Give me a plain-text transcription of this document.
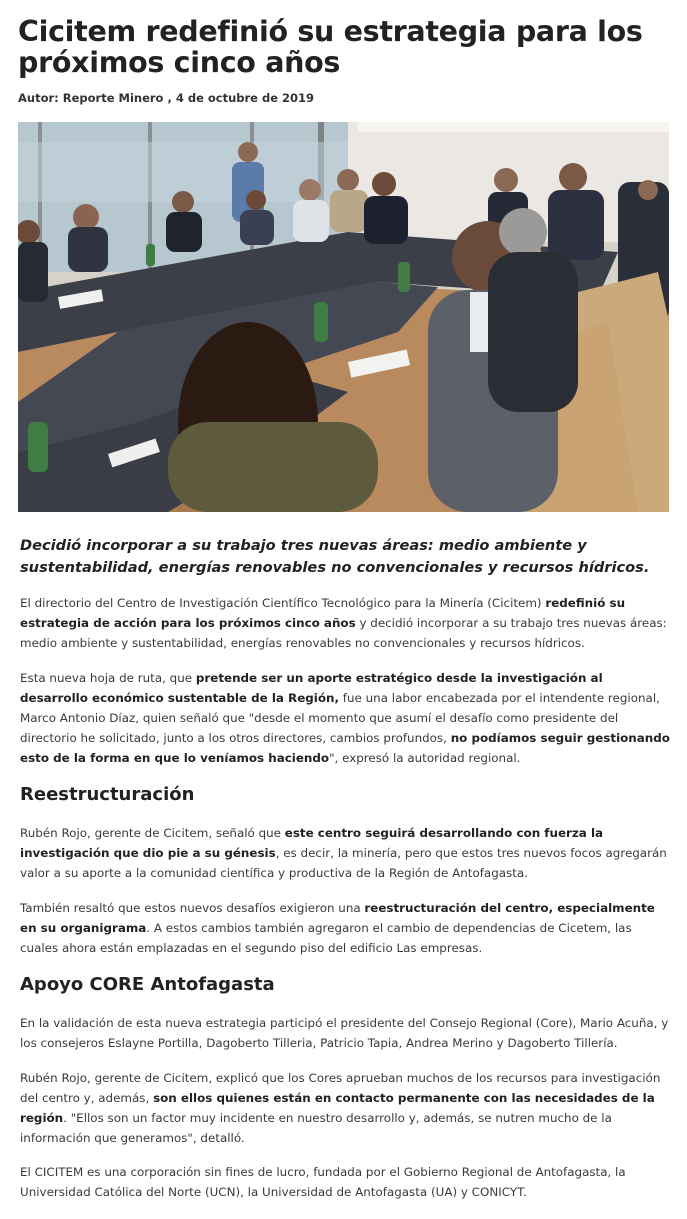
Cicitem redefinió su estrategia para los próximos cinco años
Autor: Reporte Minero , 4 de octubre de 2019

Decidió incorporar a su trabajo tres nuevas áreas: medio ambiente y sustentabilidad, energías renovables no convencionales y recursos hídricos.

El directorio del Centro de Investigación Científico Tecnológico para la Minería (Cicitem) redefinió su estrategia de acción para los próximos cinco años y decidió incorporar a su trabajo tres nuevas áreas: medio ambiente y sustentabilidad, energías renovables no convencionales y recursos hídricos.

Esta nueva hoja de ruta, que pretende ser un aporte estratégico desde la investigación al desarrollo económico sustentable de la Región, fue una labor encabezada por el intendente regional, Marco Antonio Díaz, quien señaló que "desde el momento que asumí el desafío como presidente del directorio he solicitado, junto a los otros directores, cambios profundos, no podíamos seguir gestionando esto de la forma en que lo veníamos haciendo", expresó la autoridad regional.

Reestructuración

Rubén Rojo, gerente de Cicitem, señaló que este centro seguirá desarrollando con fuerza la investigación que dio pie a su génesis, es decir, la minería, pero que estos tres nuevos focos agregarán valor a su aporte a la comunidad científica y productiva de la Región de Antofagasta.

También resaltó que estos nuevos desafíos exigieron una reestructuración del centro, especialmente en su organigrama. A estos cambios también agregaron el cambio de dependencias de Cicetem, las cuales ahora están emplazadas en el segundo piso del edificio Las empresas.

Apoyo CORE Antofagasta

En la validación de esta nueva estrategia participó el presidente del Consejo Regional (Core), Mario Acuña, y los consejeros Eslayne Portilla, Dagoberto Tilleria, Patricio Tapia, Andrea Merino y Dagoberto Tillería.

Rubén Rojo, gerente de Cicitem, explicó que los Cores aprueban muchos de los recursos para investigación del centro y, además, son ellos quienes están en contacto permanente con las necesidades de la región. "Ellos son un factor muy incidente en nuestro desarrollo y, además, se nutren mucho de la información que generamos", detalló.

El CICITEM es una corporación sin fines de lucro, fundada por el Gobierno Regional de Antofagasta, la Universidad Católica del Norte (UCN), la Universidad de Antofagasta (UA) y CONICYT.
